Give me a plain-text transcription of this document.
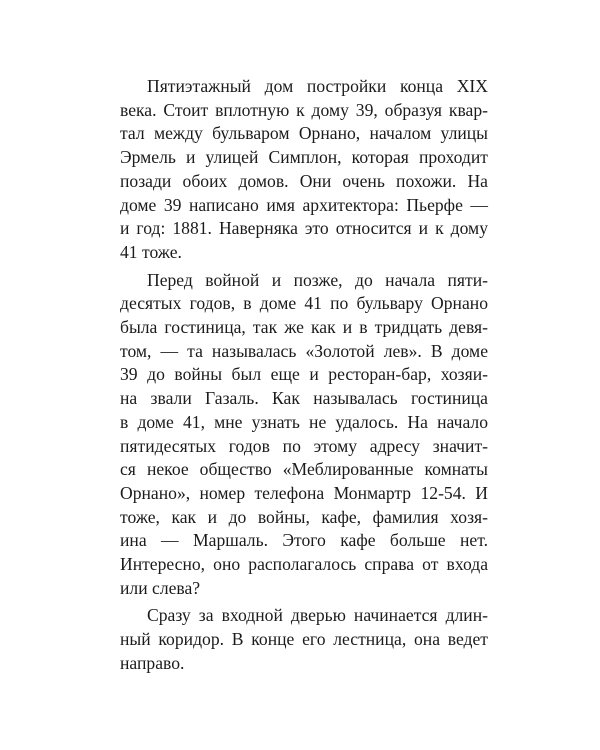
Пятиэтажный дом постройки конца XIX
века. Стоит вплотную к дому 39, образуя квар-
тал между бульваром Орнано, началом улицы
Эрмель и улицей Симплон, которая проходит
позади обоих домов. Они очень похожи. На
доме 39 написано имя архитектора: Пьерфе —
и год: 1881. Наверняка это относится и к дому
41 тоже.
Перед войной и позже, до начала пяти-
десятых годов, в доме 41 по бульвару Орнано
была гостиница, так же как и в тридцать девя-
том, — та называлась «Золотой лев». В доме
39 до войны был еще и ресторан-бар, хозяи-
на звали Газаль. Как называлась гостиница
в доме 41, мне узнать не удалось. На начало
пятидесятых годов по этому адресу значит-
ся некое общество «Меблированные комнаты
Орнано», номер телефона Монмартр 12-54. И
тоже, как и до войны, кафе, фамилия хозя-
ина — Маршаль. Этого кафе больше нет.
Интересно, оно располагалось справа от входа
или слева?
Сразу за входной дверью начинается длин-
ный коридор. В конце его лестница, она ведет
направо.
